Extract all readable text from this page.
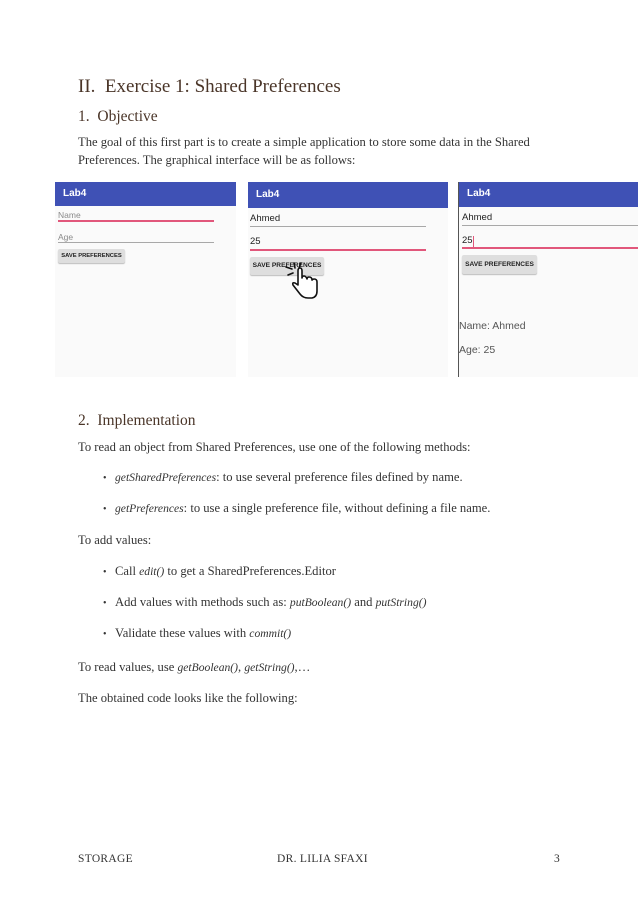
II. Exercise 1: Shared Preferences
1. Objective
The goal of this first part is to create a simple application to store some data in the Shared
Preferences. The graphical interface will be as follows:
Lab4
Name
Age
SAVE PREFERENCES
Lab4
Ahmed
25
SAVE PREFERENCES
Lab4
Ahmed
25
SAVE PREFERENCES
Name: Ahmed
Age: 25
2. Implementation
To read an object from Shared Preferences, use one of the following methods:
• getSharedPreferences: to use several preference files defined by name.
• getPreferences: to use a single preference file, without defining a file name.
To add values:
• Call edit() to get a SharedPreferences.Editor
• Add values with methods such as: putBoolean() and putString()
• Validate these values with commit()
To read values, use getBoolean(), getString(),…
The obtained code looks like the following:
STORAGE	DR. LILIA SFAXI	3
